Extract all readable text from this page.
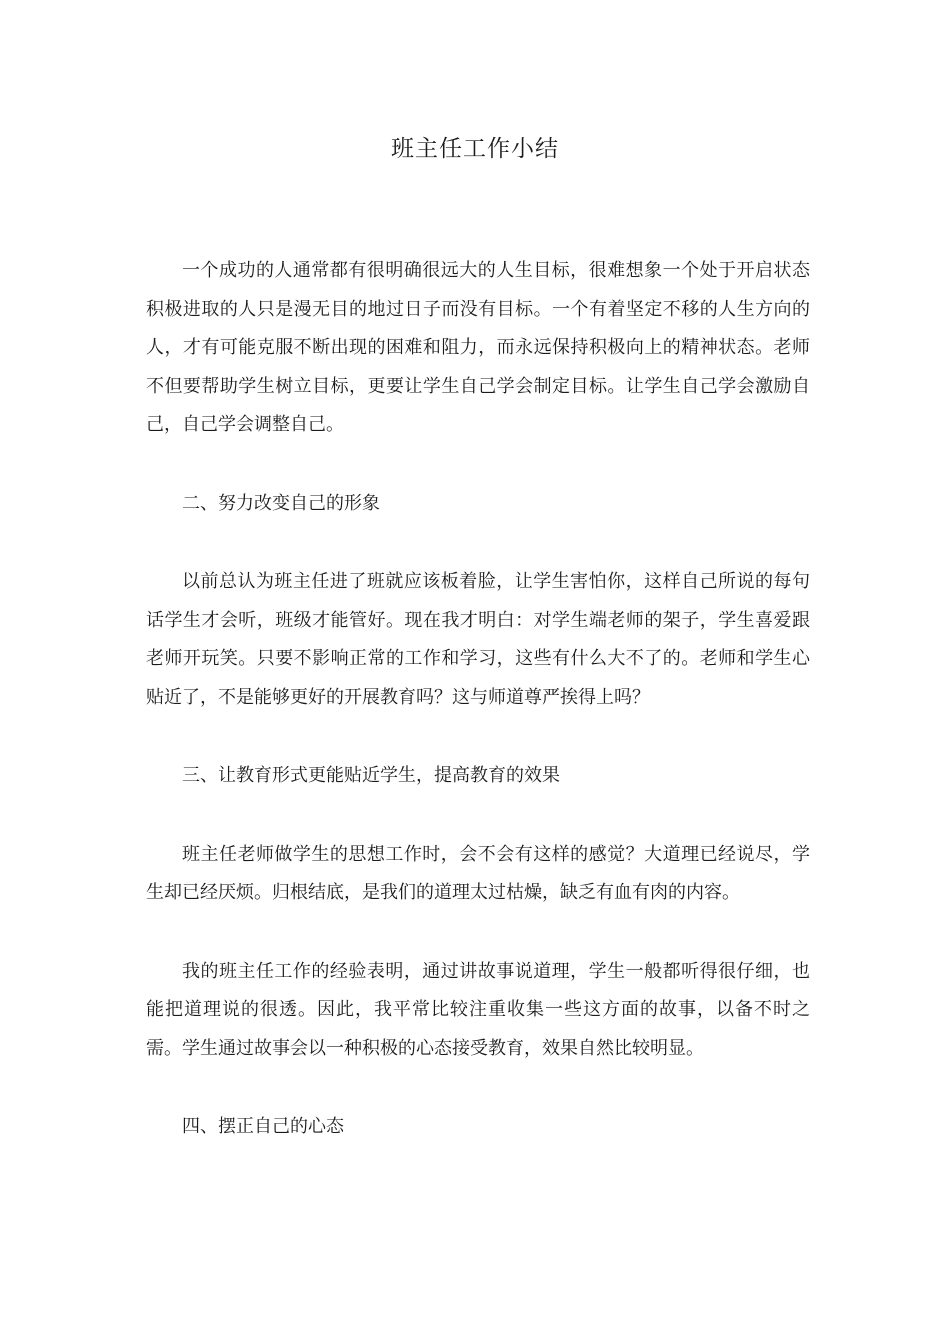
班主任工作小结

一个成功的人通常都有很明确很远大的人生目标，很难想象一个处于开启状态积极进取的人只是漫无目的地过日子而没有目标。一个有着坚定不移的人生方向的人，才有可能克服不断出现的困难和阻力，而永远保持积极向上的精神状态。老师不但要帮助学生树立目标，更要让学生自己学会制定目标。让学生自己学会激励自己，自己学会调整自己。

二、努力改变自己的形象

以前总认为班主任进了班就应该板着脸，让学生害怕你，这样自己所说的每句话学生才会听，班级才能管好。现在我才明白：对学生端老师的架子，学生喜爱跟老师开玩笑。只要不影响正常的工作和学习，这些有什么大不了的。老师和学生心贴近了，不是能够更好的开展教育吗？这与师道尊严挨得上吗？

三、让教育形式更能贴近学生，提高教育的效果

班主任老师做学生的思想工作时，会不会有这样的感觉？大道理已经说尽，学生却已经厌烦。归根结底，是我们的道理太过枯燥，缺乏有血有肉的内容。

我的班主任工作的经验表明，通过讲故事说道理，学生一般都听得很仔细，也能把道理说的很透。因此，我平常比较注重收集一些这方面的故事，以备不时之需。学生通过故事会以一种积极的心态接受教育，效果自然比较明显。

四、摆正自己的心态
